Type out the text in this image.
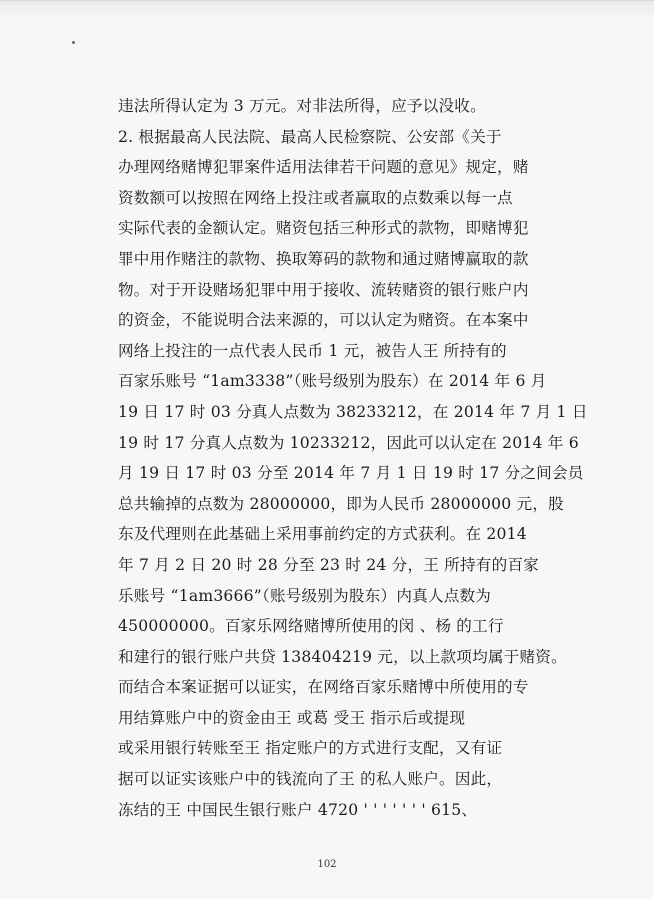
违法所得认定为 3 万元。对非法所得，应予以没收。
2. 根据最高人民法院、最高人民检察院、公安部《关于
办理网络赌博犯罪案件适用法律若干问题的意见》规定，赌
资数额可以按照在网络上投注或者赢取的点数乘以每一点
实际代表的金额认定。赌资包括三种形式的款物，即赌博犯
罪中用作赌注的款物、换取筹码的款物和通过赌博赢取的款
物。对于开设赌场犯罪中用于接收、流转赌资的银行账户内
的资金，不能说明合法来源的，可以认定为赌资。在本案中
网络上投注的一点代表人民币 1 元，被告人王 所持有的
百家乐账号 “1am3338”（账号级别为股东）在 2014 年 6 月
19 日 17 时 03 分真人点数为 38233212，在 2014 年 7 月 1 日
19 时 17 分真人点数为 10233212，因此可以认定在 2014 年 6
月 19 日 17 时 03 分至 2014 年 7 月 1 日 19 时 17 分之间会员
总共输掉的点数为 28000000，即为人民币 28000000 元，股
东及代理则在此基础上采用事前约定的方式获利。在 2014
年 7 月 2 日 20 时 28 分至 23 时 24 分，王 所持有的百家
乐账号 “1am3666”（账号级别为股东）内真人点数为
450000000。百家乐网络赌博所使用的闵 、杨 的工行
和建行的银行账户共贷 138404219 元，以上款项均属于赌资。
而结合本案证据可以证实，在网络百家乐赌博中所使用的专
用结算账户中的资金由王 或葛 受王 指示后或提现
或采用银行转账至王 指定账户的方式进行支配，又有证
据可以证实该账户中的钱流向了王 的私人账户。因此，
冻结的王 中国民生银行账户 4720 ' ' ' ' ' ' ' 615、
102
